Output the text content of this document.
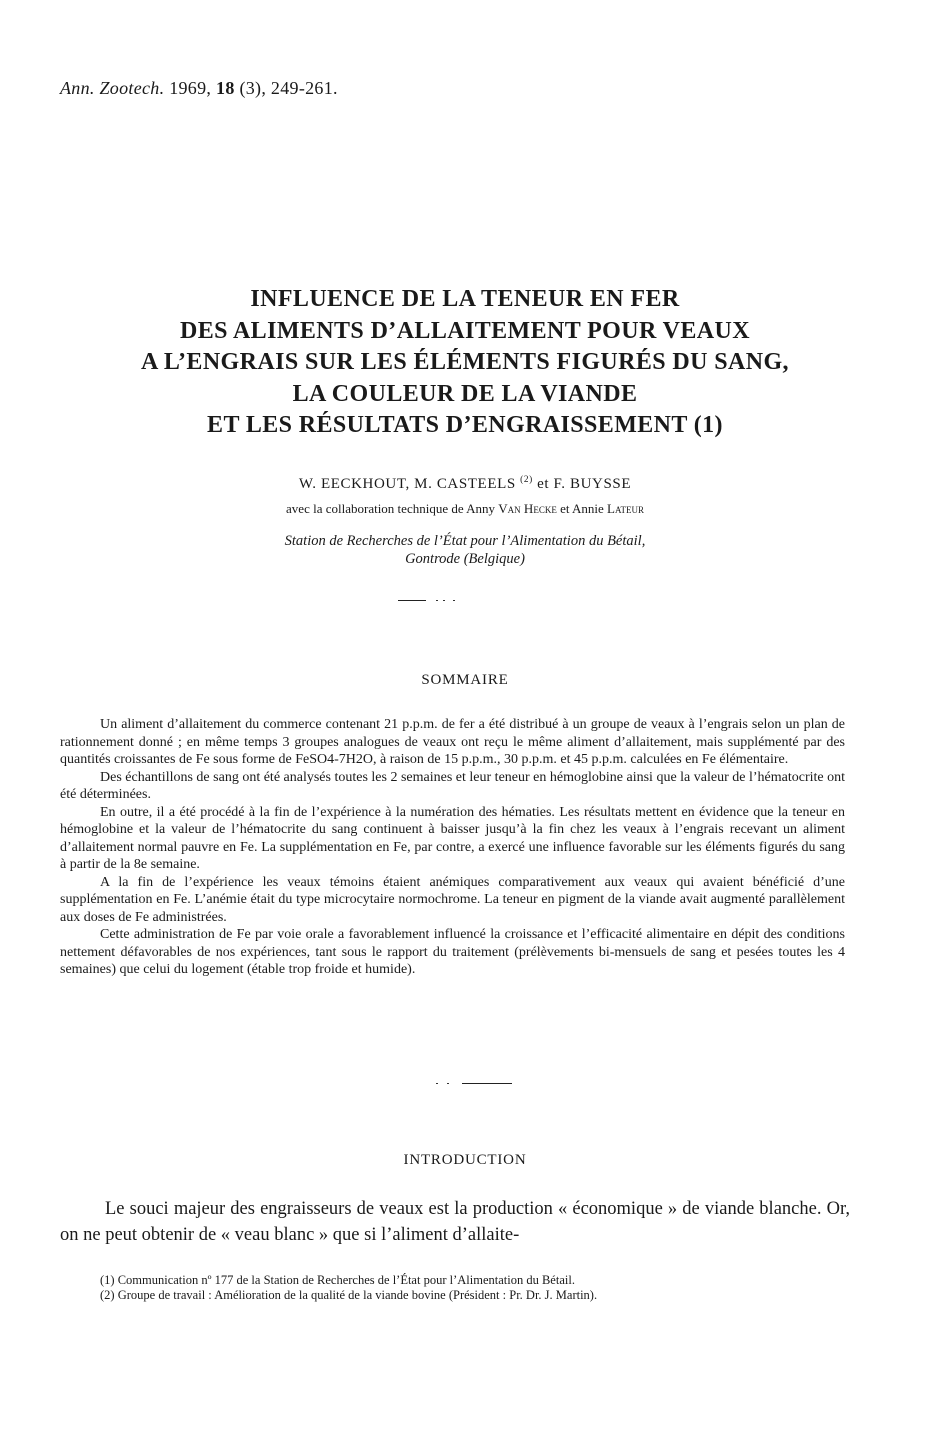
Ann. Zootech. 1969, 18 (3), 249-261.
INFLUENCE DE LA TENEUR EN FER
DES ALIMENTS D’ALLAITEMENT POUR VEAUX
A L’ENGRAIS SUR LES ÉLÉMENTS FIGURÉS DU SANG,
LA COULEUR DE LA VIANDE
ET LES RÉSULTATS D’ENGRAISSEMENT (1)
W. EECKHOUT, M. CASTEELS $^{(2)}$ et F. BUYSSE
avec la collaboration technique de Anny Van Hecke et Annie Lateur
Station de Recherches de l’État pour l’Alimentation du Bétail,
Gontrode (Belgique)
SOMMAIRE

Un aliment d’allaitement du commerce contenant 21 p.p.m. de fer a été distribué à un groupe de veaux à l’engrais selon un plan de rationnement donné ; en même temps 3 groupes analogues de veaux ont reçu le même aliment d’allaitement, mais supplémenté par des quantités croissantes de Fe sous forme de FeSO4-7H2O, à raison de 15 p.p.m., 30 p.p.m. et 45 p.p.m. calculées en Fe élémentaire.

Des échantillons de sang ont été analysés toutes les 2 semaines et leur teneur en hémoglobine ainsi que la valeur de l’hématocrite ont été déterminées.

En outre, il a été procédé à la fin de l’expérience à la numération des hématies. Les résultats mettent en évidence que la teneur en hémoglobine et la valeur de l’hématocrite du sang continuent à baisser jusqu’à la fin chez les veaux à l’engrais recevant un aliment d’allaitement normal pauvre en Fe. La supplémentation en Fe, par contre, a exercé une influence favorable sur les éléments figurés du sang à partir de la 8e semaine.

A la fin de l’expérience les veaux témoins étaient anémiques comparativement aux veaux qui avaient bénéficié d’une supplémentation en Fe. L’anémie était du type microcytaire normochrome. La teneur en pigment de la viande avait augmenté parallèlement aux doses de Fe administrées.

Cette administration de Fe par voie orale a favorablement influencé la croissance et l’efficacité alimentaire en dépit des conditions nettement défavorables de nos expériences, tant sous le rapport du traitement (prélèvements bi-mensuels de sang et pesées toutes les 4 semaines) que celui du logement (étable trop froide et humide).

INTRODUCTION

Le souci majeur des engraisseurs de veaux est la production « économique » de viande blanche. Or, on ne peut obtenir de « veau blanc » que si l’aliment d’allaite-

(1) Communication nº 177 de la Station de Recherches de l’État pour l’Alimentation du Bétail.
(2) Groupe de travail : Amélioration de la qualité de la viande bovine (Président : Pr. Dr. J. Martin).
